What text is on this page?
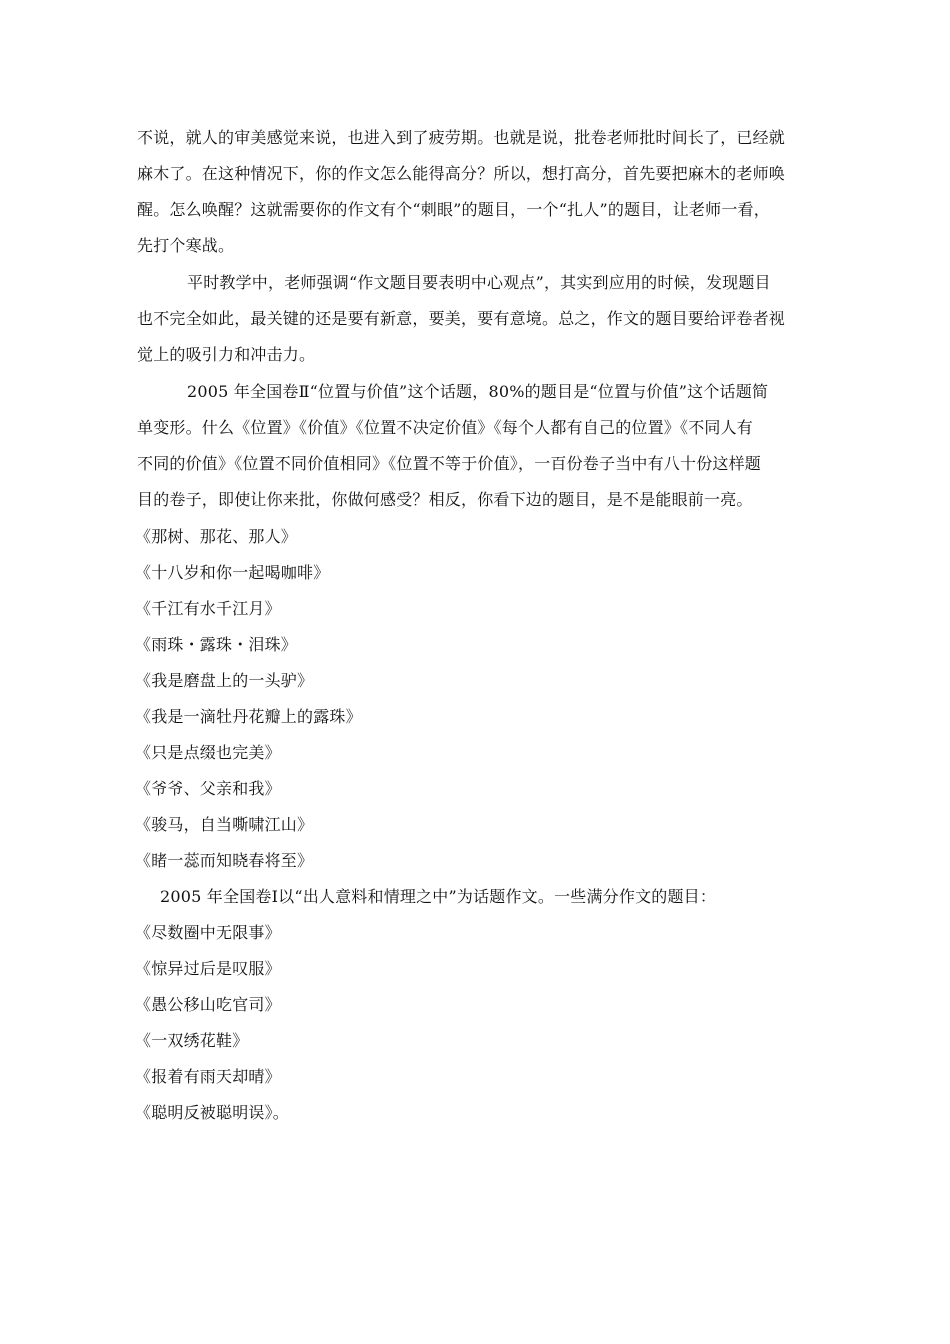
不说，就人的审美感觉来说，也进入到了疲劳期。也就是说，批卷老师批时间长了，已经就
麻木了。在这种情况下，你的作文怎么能得高分？所以，想打高分，首先要把麻木的老师唤
醒。怎么唤醒？这就需要你的作文有个“刺眼”的题目，一个“扎人”的题目，让老师一看，
先打个寒战。
平时教学中，老师强调“作文题目要表明中心观点”，其实到应用的时候，发现题目
也不完全如此，最关键的还是要有新意，要美，要有意境。总之，作文的题目要给评卷者视
觉上的吸引力和冲击力。
2005 年全国卷Ⅱ“位置与价值”这个话题，80%的题目是“位置与价值”这个话题简
单变形。什么《位置》《价值》《位置不决定价值》《每个人都有自己的位置》《不同人有
不同的价值》《位置不同价值相同》《位置不等于价值》，一百份卷子当中有八十份这样题
目的卷子，即使让你来批，你做何感受？相反，你看下边的题目，是不是能眼前一亮。
《那树、那花、那人》
《十八岁和你一起喝咖啡》
《千江有水千江月》
《雨珠・露珠・泪珠》
《我是磨盘上的一头驴》
《我是一滴牡丹花瓣上的露珠》
《只是点缀也完美》
《爷爷、父亲和我》
《骏马，自当嘶啸江山》
《睹一蕊而知晓春将至》
2005 年全国卷Ⅰ以“出人意料和情理之中”为话题作文。一些满分作文的题目：
《尽数圈中无限事》
《惊异过后是叹服》
《愚公移山吃官司》
《一双绣花鞋》
《报着有雨天却晴》
《聪明反被聪明误》。
